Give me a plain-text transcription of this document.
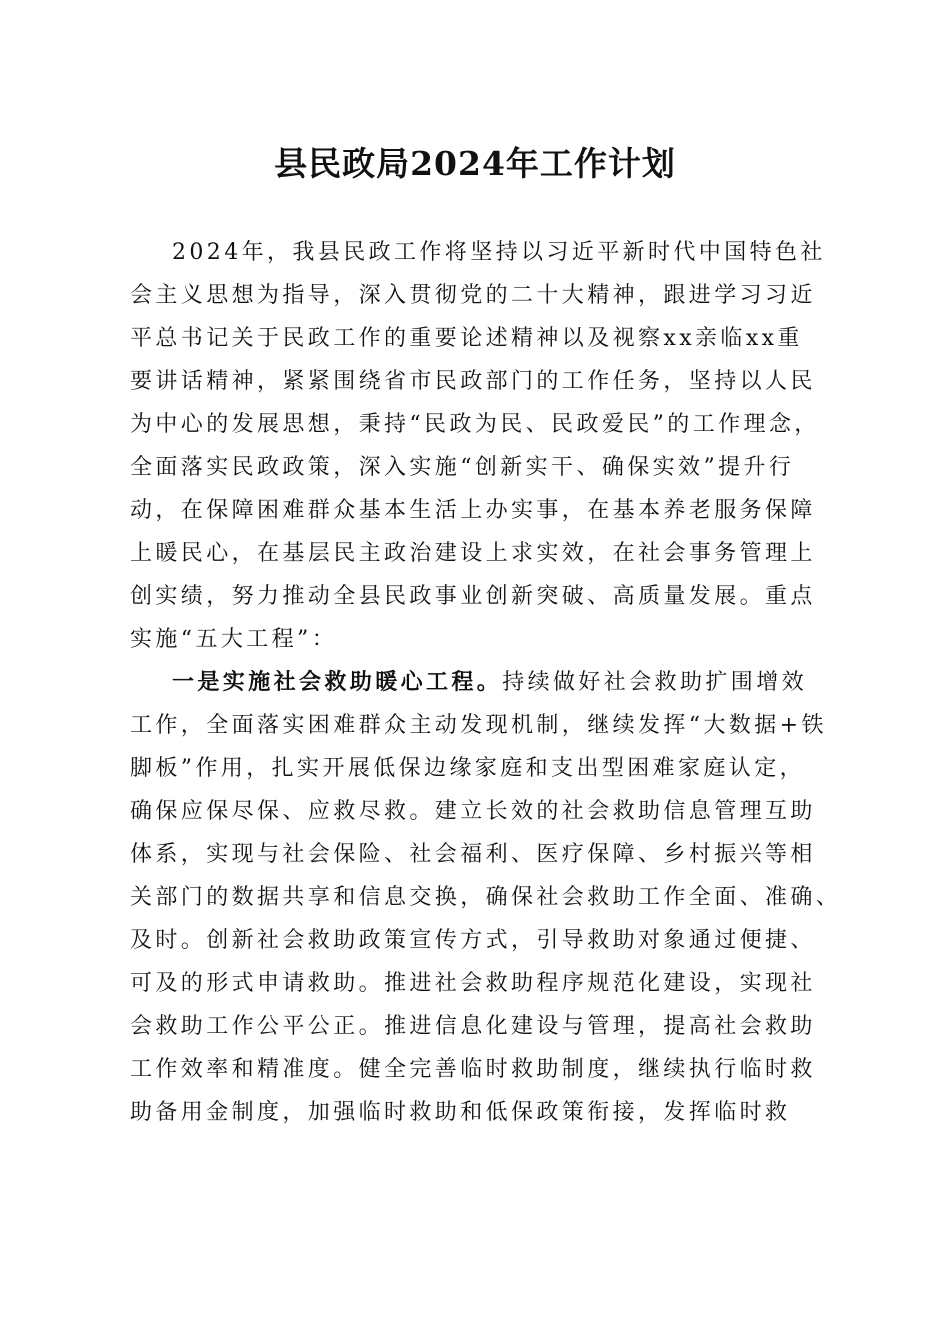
县民政局2024年工作计划
2024年，我县民政工作将坚持以习近平新时代中国特色社
会主义思想为指导，深入贯彻党的二十大精神，跟进学习习近
平总书记关于民政工作的重要论述精神以及视察xx亲临xx重
要讲话精神，紧紧围绕省市民政部门的工作任务，坚持以人民
为中心的发展思想，秉持“民政为民、民政爱民”的工作理念，
全面落实民政政策，深入实施“创新实干、确保实效”提升行
动，在保障困难群众基本生活上办实事，在基本养老服务保障
上暖民心，在基层民主政治建设上求实效，在社会事务管理上
创实绩，努力推动全县民政事业创新突破、高质量发展。重点
实施“五大工程”：
一是实施社会救助暖心工程。持续做好社会救助扩围增效
工作，全面落实困难群众主动发现机制，继续发挥“大数据+铁
脚板”作用，扎实开展低保边缘家庭和支出型困难家庭认定，
确保应保尽保、应救尽救。建立长效的社会救助信息管理互助
体系，实现与社会保险、社会福利、医疗保障、乡村振兴等相
关部门的数据共享和信息交换，确保社会救助工作全面、准确、
及时。创新社会救助政策宣传方式，引导救助对象通过便捷、
可及的形式申请救助。推进社会救助程序规范化建设，实现社
会救助工作公平公正。推进信息化建设与管理，提高社会救助
工作效率和精准度。健全完善临时救助制度，继续执行临时救
助备用金制度，加强临时救助和低保政策衔接，发挥临时救
